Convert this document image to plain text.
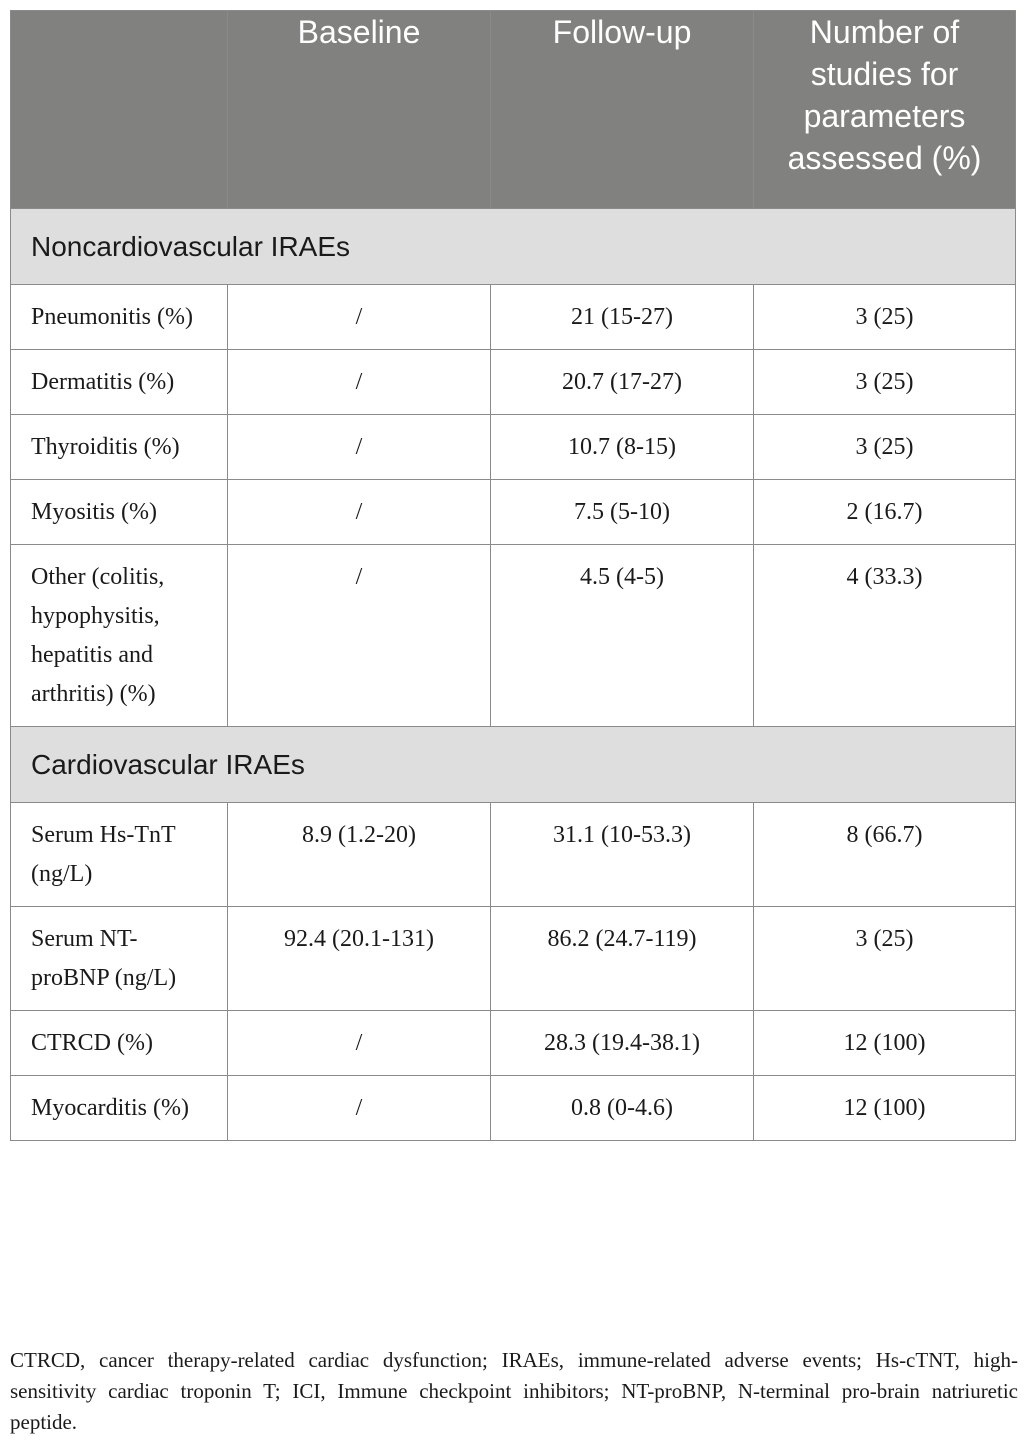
	Baseline	Follow-up	Number of studies for parameters assessed (%)
Noncardiovascular IRAEs			
Pneumonitis (%)	/	21 (15-27)	3 (25)
Dermatitis (%)	/	20.7 (17-27)	3 (25)
Thyroiditis (%)	/	10.7 (8-15)	3 (25)
Myositis (%)	/	7.5 (5-10)	2 (16.7)
Other (colitis, hypophysitis, hepatitis and arthritis) (%)	/	4.5 (4-5)	4 (33.3)
Cardiovascular IRAEs			
Serum Hs-TnT (ng/L)	8.9 (1.2-20)	31.1 (10-53.3)	8 (66.7)
Serum NT-proBNP (ng/L)	92.4 (20.1-131)	86.2 (24.7-119)	3 (25)
CTRCD (%)	/	28.3 (19.4-38.1)	12 (100)
Myocarditis (%)	/	0.8 (0-4.6)	12 (100)

CTRCD, cancer therapy-related cardiac dysfunction; IRAEs, immune-related adverse events; Hs-cTNT, high-sensitivity cardiac troponin T; ICI, Immune checkpoint inhibitors; NT-proBNP, N-terminal pro-brain natriuretic peptide.
